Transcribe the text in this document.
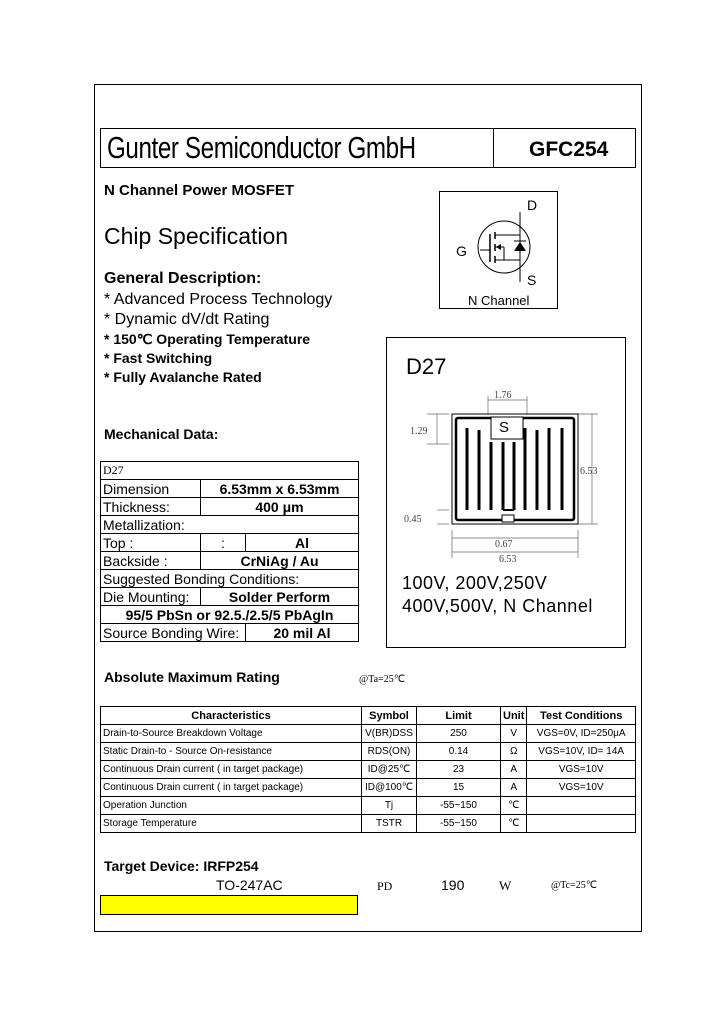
Gunter Semiconductor GmbH	GFC254
N Channel Power MOSFET
Chip Specification
General Description:
* Advanced Process Technology
* Dynamic dV/dt Rating
* 150℃ Operating Temperature
* Fast Switching
* Fully Avalanche Rated
D
G
S
N Channel
D27
1.76
1.29
6.53
0.45
0.67
6.53
S
100V, 200V,250V
400V,500V, N Channel
Mechanical Data:
D27		
Dimension	6.53mm x 6.53mm	
Thickness:	400 μm	
Metallization:		
Top :	:	Al
Backside :	CrNiAg / Au	
Suggested Bonding Conditions:		
Die Mounting:	Solder Perform	
95/5 PbSn or 92.5./2.5/5 PbAgIn		
Source Bonding Wire:		20 mil Al
Absolute Maximum Rating	@Ta=25℃
Characteristics	Symbol	Limit	Unit	Test Conditions
Drain-to-Source Breakdown Voltage	V(BR)DSS	250	V	VGS=0V, ID=250μA
Static Drain-to - Source On-resistance	RDS(ON)	0.14	Ω	VGS=10V, ID= 14A
Continuous Drain current ( in target package)	ID@25℃	23	A	VGS=10V
Continuous Drain current ( in target package)	ID@100℃	15	A	VGS=10V
Operation Junction	Tj	-55~150	℃	
Storage Temperature	TSTR	-55~150	℃	
Target Device: IRFP254
TO-247AC	PD	190	W	@Tc=25℃
